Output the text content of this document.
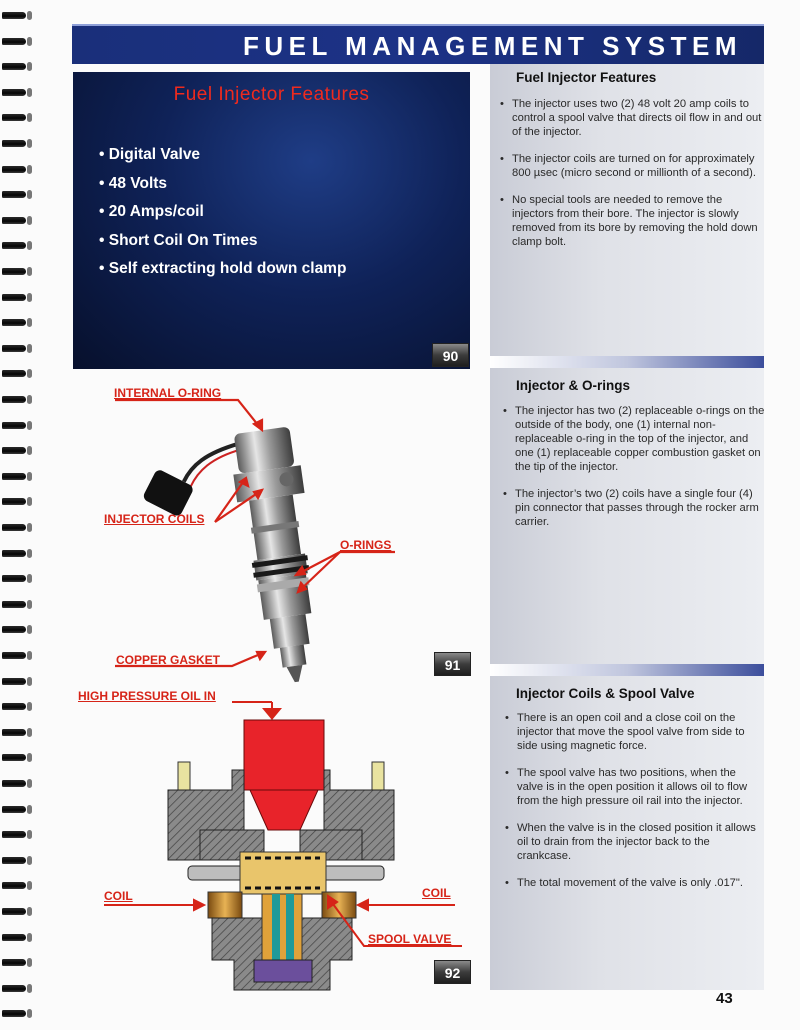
FUEL MANAGEMENT SYSTEM
Fuel Injector Features
• The injector uses two (2) 48 volt 20 amp coils to control a spool valve that directs oil flow in and out of the injector.
• The injector coils are turned on for approximately 800 µsec (micro second or millionth of a second).
• No special tools are needed to remove the injectors from their bore. The injector is slowly removed from its bore by removing the hold down clamp bolt.
Injector & O-rings
• The injector has two (2) replaceable o-rings on the outside of the body, one (1) internal non-replaceable o-ring in the top of the injector, and one (1) replaceable copper combustion gasket on the tip of the injector.
• The injector’s two (2) coils have a single four (4) pin connector that passes through the rocker arm carrier.
Injector Coils & Spool Valve
• There is an open coil and a close coil on the injector that move the spool valve from side to side using magnetic force.
• The spool valve has two positions, when the valve is in the open position it allows oil to flow from the high pressure oil rail into the injector.
• When the valve is in the closed position it allows oil to drain from the injector back to the crankcase.
• The total movement of the valve is only .017".
Fuel Injector Features
• Digital Valve
• 48 Volts
• 20 Amps/coil
• Short Coil On Times
• Self extracting hold down clamp
90
INTERNAL O-RING
INJECTOR COILS
O-RINGS
COPPER GASKET	91
HIGH PRESSURE OIL IN
COIL	COIL
SPOOL VALVE
92
43
